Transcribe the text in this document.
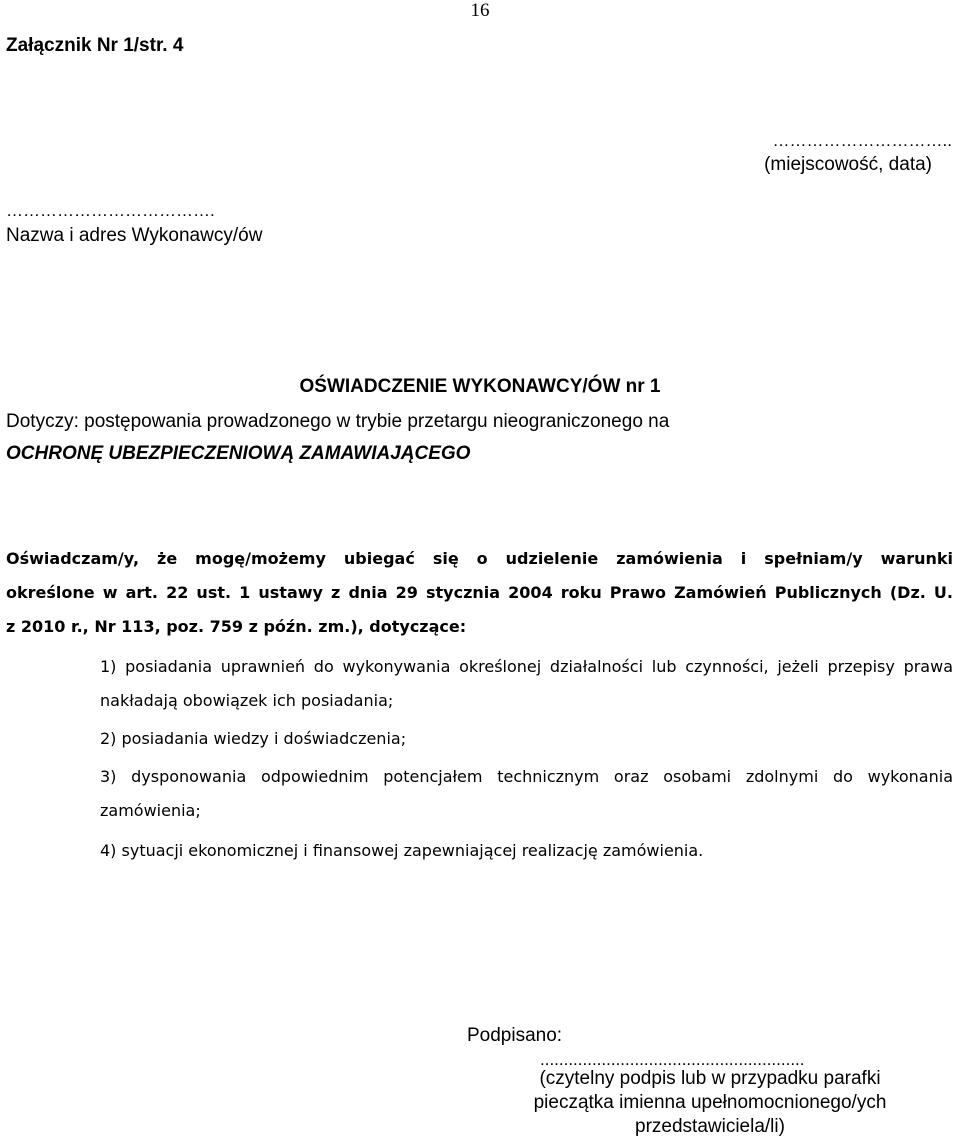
16
Załącznik Nr 1/str. 4
…………………………..
(miejscowość, data)
……………………………….
Nazwa i adres Wykonawcy/ów
OŚWIADCZENIE WYKONAWCY/ÓW nr 1
Dotyczy: postępowania prowadzonego w trybie przetargu nieograniczonego na
OCHRONĘ UBEZPIECZENIOWĄ ZAMAWIAJĄCEGO
Oświadczam/y, że mogę/możemy ubiegać się o udzielenie zamówienia i spełniam/y warunki
określone w art. 22 ust. 1 ustawy z dnia 29 stycznia 2004 roku Prawo Zamówień Publicznych (Dz. U.
z 2010 r., Nr 113, poz. 759 z późn. zm.), dotyczące:
1) posiadania uprawnień do wykonywania określonej działalności lub czynności, jeżeli przepisy prawa
nakładają obowiązek ich posiadania;
2) posiadania wiedzy i doświadczenia;
3) dysponowania odpowiednim potencjałem technicznym oraz osobami zdolnymi do wykonania
zamówienia;
4) sytuacji ekonomicznej i finansowej zapewniającej realizację zamówienia.
Podpisano:
........................................................
(czytelny podpis lub w przypadku parafki
pieczątka imienna upełnomocnionego/ych
przedstawiciela/li)
